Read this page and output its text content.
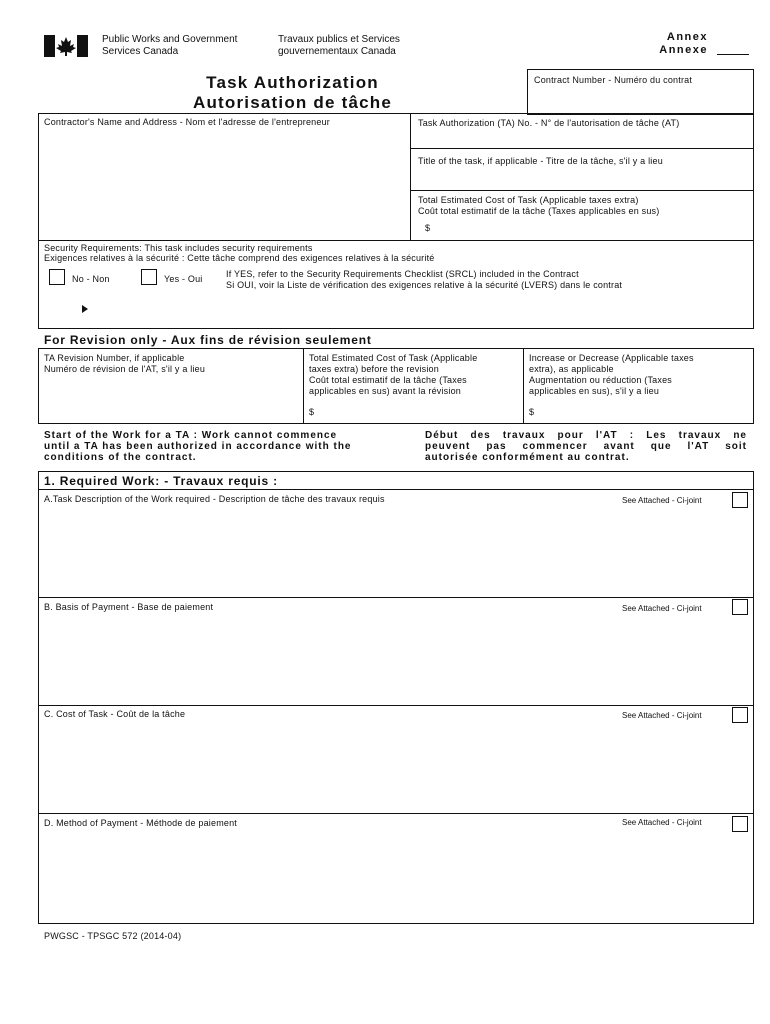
Public Works and Government
Services Canada
Travaux publics et Services
gouvernementaux Canada
Annex
Annexe
Task Authorization
Autorisation de tâche
Contract Number - Numéro du contrat
Contractor's Name and Address - Nom et l'adresse de l'entrepreneur	Task Authorization (TA) No. - N° de l'autorisation de tâche (AT)
Title of the task, if applicable - Titre de la tâche, s'il y a lieu
Total Estimated Cost of Task (Applicable taxes extra)
Coût total estimatif de la tâche (Taxes applicables en sus)
$
Security Requirements: This task includes security requirements
Exigences relatives à la sécurité : Cette tâche comprend des exigences relatives à la sécurité
No - Non	Yes - Oui	If YES, refer to the Security Requirements Checklist (SRCL) included in the Contract
Si OUI, voir la Liste de vérification des exigences relative à la sécurité (LVERS) dans le contrat
For Revision only - Aux fins de révision seulement
TA Revision Number, if applicable
Numéro de révision de l'AT, s'il y a lieu
Total Estimated Cost of Task (Applicable
taxes extra) before the revision
Coût total estimatif de la tâche (Taxes
applicables en sus) avant la révision
$
Increase or Decrease (Applicable taxes
extra), as applicable
Augmentation ou réduction (Taxes
applicables en sus), s'il y a lieu
$
Start of the Work for a TA : Work cannot commence
until a TA has been authorized in accordance with the
conditions of the contract.
Début des travaux pour l'AT : Les travaux ne
peuvent pas commencer avant que l'AT soit
autorisée conformément au contrat.
1. Required Work: - Travaux requis :
A.Task Description of the Work required - Description de tâche des travaux requis	See Attached - Ci-joint
B. Basis of Payment - Base de paiement	See Attached - Ci-joint
C. Cost of Task - Coût de la tâche	See Attached - Ci-joint
D. Method of Payment - Méthode de paiement	See Attached - Ci-joint
PWGSC - TPSGC 572 (2014-04)
